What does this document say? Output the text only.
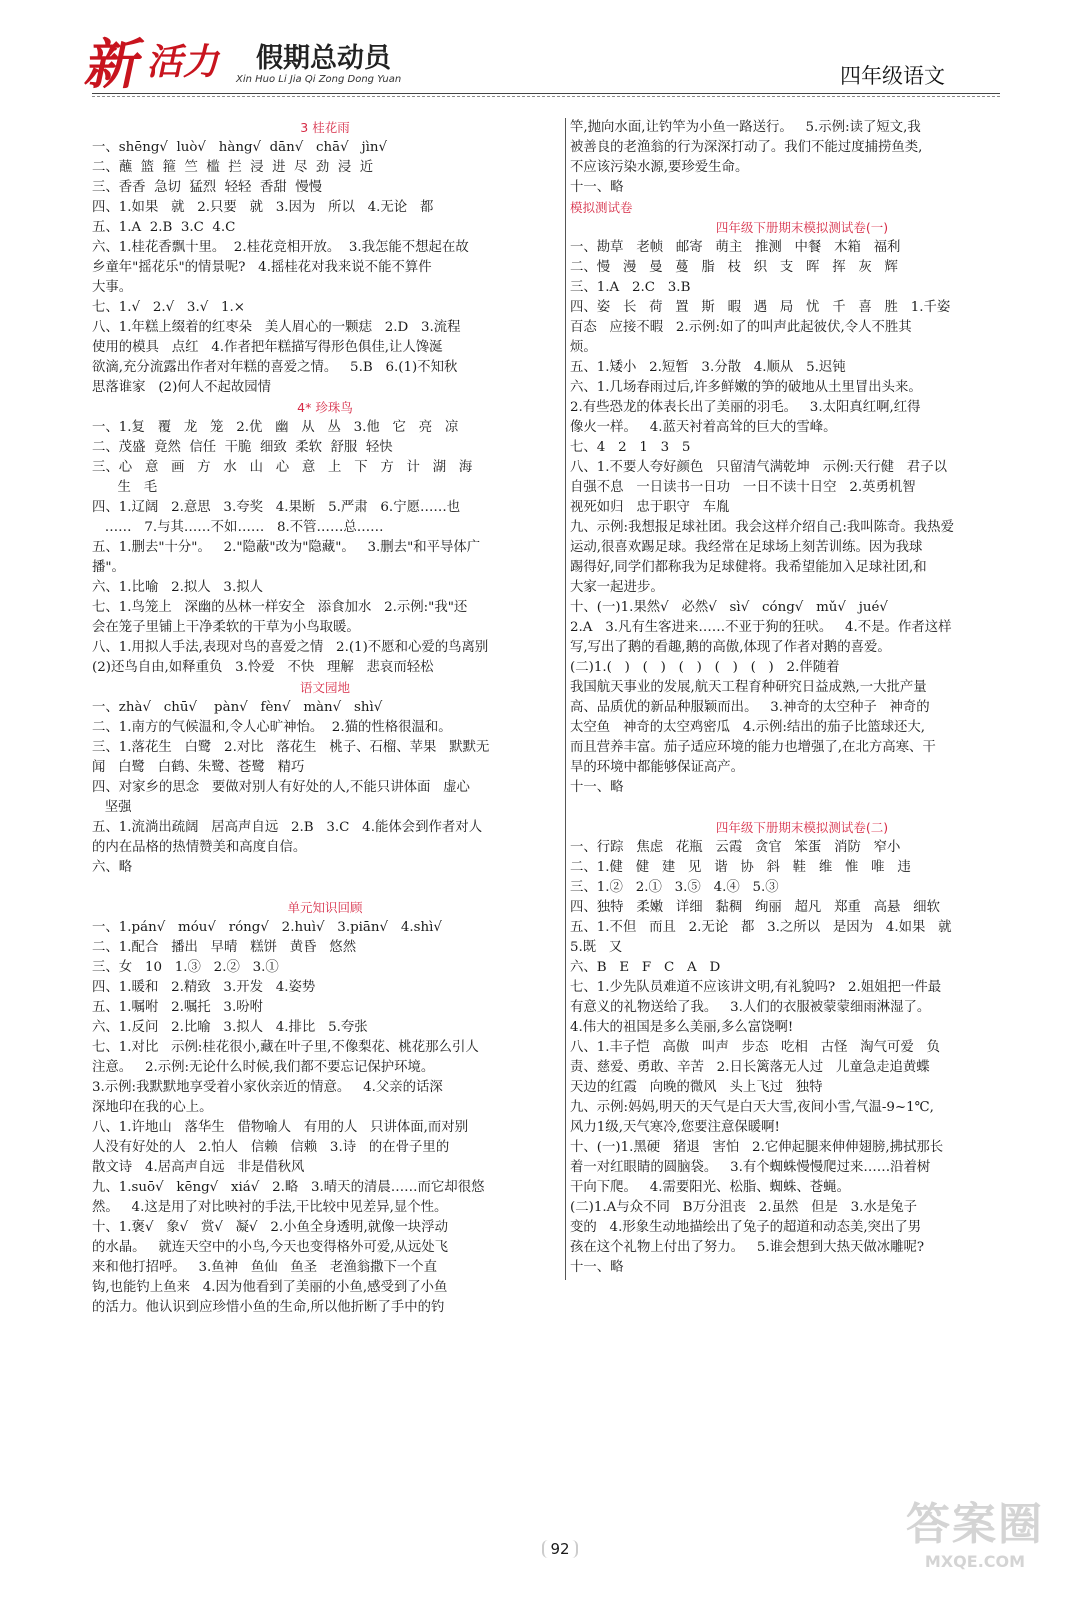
新 活力 假期总动员
Xin Huo Li Jia Qi Zong Dong Yuan	四年级语文
3 桂花雨
一、shēng√  luò√   hàng√  dān√   chā√   jìn√
二、蘸  篮  箍  竺  槛  拦  浸  进  尽  劲  浸  近
三、香香  急切  猛烈  轻轻  香甜  慢慢
四、1.如果   就   2.只要   就   3.因为   所以   4.无论   都
五、1.A  2.B  3.C  4.C
六、1.桂花香飘十里。  2.桂花竞相开放。  3.我怎能不想起在故
乡童年"摇花乐"的情景呢?   4.摇桂花对我来说不能不算件
大事。
七、1.√   2.√   3.√   1.×
八、1.年糕上缀着的红枣朵   美人眉心的一颗痣   2.D   3.流程
使用的模具   点红   4.作者把年糕描写得形色俱佳,让人馋涎
欲滴,充分流露出作者对年糕的喜爱之情。   5.B   6.(1)不知秋
思落谁家   (2)何人不起故园情
4* 珍珠鸟
一、1.复   覆   龙   笼   2.优   幽   从   丛   3.他   它   亮   凉
二、茂盛  竟然  信任  干脆  细致  柔软  舒服  轻快
三、心   意   画   方   水   山   心   意   上   下   方   计   湖   海
生   毛
四、1.辽阔   2.意思   3.夸奖   4.果断   5.严肃   6.宁愿……也
……   7.与其……不如……   8.不管……总……
五、1.删去"十分"。   2."隐蔽"改为"隐藏"。   3.删去"和平导体广
播"。
六、1.比喻   2.拟人   3.拟人
七、1.鸟笼上   深幽的丛林一样安全   添食加水   2.示例:"我"还
会在笼子里铺上干净柔软的干草为小鸟取暖。
八、1.用拟人手法,表现对鸟的喜爱之情   2.(1)不愿和心爱的鸟离别
(2)还鸟自由,如释重负   3.怜爱   不快   理解   悲哀而轻松
语文园地
一、zhà√   chū√    pàn√   fèn√   màn√   shì√
二、1.南方的气候温和,令人心旷神怡。  2.猫的性格很温和。
三、1.落花生   白鹭   2.对比   落花生   桃子、石榴、苹果   默默无
闻   白鹭   白鹤、朱鹭、苍鹭   精巧
四、对家乡的思念   要做对别人有好处的人,不能只讲体面   虚心
坚强
五、1.流淌出疏阔   居高声自远   2.B   3.C   4.能体会到作者对人
的内在品格的热情赞美和高度自信。
六、略
单元知识回顾
一、1.pán√   móu√   róng√   2.huì√   3.piān√   4.shì√
二、1.配合   播出   早晴   糕饼   黄昏   悠然
三、女   10   1.③   2.②   3.①
四、1.暖和   2.精致   3.开发   4.姿势
五、1.嘱咐   2.嘱托   3.吩咐
六、1.反问   2.比喻   3.拟人   4.排比   5.夸张
七、1.对比   示例:桂花很小,藏在叶子里,不像梨花、桃花那么引人
注意。   2.示例:无论什么时候,我们都不要忘记保护环境。
3.示例:我默默地享受着小家伙亲近的情意。   4.父亲的话深
深地印在我的心上。
八、1.许地山   落华生   借物喻人   有用的人   只讲体面,而对别
人没有好处的人   2.怕人   信赖   信赖   3.诗   的在骨子里的
散文诗   4.居高声自远   非是借秋风
九、1.suō√   kēng√   xiá√   2.略   3.晴天的清晨……而它却很悠
然。   4.这是用了对比映衬的手法,干比较中见差异,显个性。
十、1.褒√   象√   赏√   凝√   2.小鱼全身透明,就像一块浮动
的水晶。   就连天空中的小鸟,今天也变得格外可爱,从远处飞
来和他打招呼。   3.鱼神   鱼仙   鱼圣   老渔翁撒下一个直
钩,也能钓上鱼来   4.因为他看到了美丽的小鱼,感受到了小鱼
的活力。他认识到应珍惜小鱼的生命,所以他折断了手中的钓
竿,抛向水面,让钓竿为小鱼一路送行。   5.示例:读了短文,我
被善良的老渔翁的行为深深打动了。我们不能过度捕捞鱼类,
不应该污染水源,要珍爱生命。
十一、略
模拟测试卷
四年级下册期末模拟测试卷(一)
一、勘草   老帧   邮寄   萌主   推测   中餐   木箱   福利
二、慢   漫   曼   蔓   脂   枝   织   支   晖   挥   灰   辉
三、1.A   2.C   3.B
四、姿   长   荷   置   斯   暇   遇   局   忧   千   喜   胜   1.千姿
百态   应接不暇   2.示例:如了的叫声此起彼伏,令人不胜其
烦。
五、1.矮小   2.短暂   3.分散   4.顺从   5.迟钝
六、1.几场春雨过后,许多鲜嫩的笋的破地从土里冒出头来。
2.有些恐龙的体表长出了美丽的羽毛。   3.太阳真红啊,红得
像火一样。   4.蓝天衬着高耸的巨大的雪峰。
七、4   2   1   3   5
八、1.不要人夸好颜色   只留清气满乾坤   示例:天行健   君子以
自强不息   一日读书一日功   一日不读十日空   2.英勇机智
视死如归   忠于职守   车胤
九、示例:我想报足球社团。我会这样介绍自己:我叫陈奇。我热爱
运动,很喜欢踢足球。我经常在足球场上刻苦训练。因为我球
踢得好,同学们都称我为足球健将。我希望能加入足球社团,和
大家一起进步。
十、(一)1.果然√   必然√   sì√   cóng√   mǔ√   jué√
2.A   3.凡有生客进来……不亚于狗的狂吠。   4.不是。作者这样
写,写出了鹅的看趣,鹅的高傲,体现了作者对鹅的喜爱。
(二)1.(   )   (   )   (   )   (   )   (   )   2.伴随着
我国航天事业的发展,航天工程育种研究日益成熟,一大批产量
高、品质优的新品种服颖而出。   3.神奇的太空种子   神奇的
太空鱼   神奇的太空鸡密瓜   4.示例:结出的茄子比篮球还大,
而且营养丰富。茄子适应环境的能力也增强了,在北方高寒、干
旱的环境中都能够保证高产。
十一、略
四年级下册期末模拟测试卷(二)
一、行踪   焦虑   花瓶   云霞   贪官   笨蛋   消防   窄小
二、1.健   健   建   见   谐   协   斜   鞋   维   惟   唯   违
三、1.②   2.①   3.⑤   4.④   5.③
四、独特   柔嫩   详细   黏稠   绚丽   超凡   郑重   高悬   细软
五、1.不但   而且   2.无论   都   3.之所以   是因为   4.如果   就
5.既   又
六、B   E   F   C   A   D
七、1.少先队员难道不应该讲文明,有礼貌吗?   2.姐姐把一件最
有意义的礼物送给了我。   3.人们的衣服被蒙蒙细雨淋湿了。
4.伟大的祖国是多么美丽,多么富饶啊!
八、1.丰子恺   高傲   叫声   步态   吃相   古怪   淘气可爱   负
责、慈爱、勇敢、辛苦   2.日长篱落无人过   儿童急走追黄蝶
天边的红霞   向晚的微风   头上飞过   独特
九、示例:妈妈,明天的天气是白天大雪,夜间小雪,气温-9~1℃,
风力1级,天气寒冷,您要注意保暖啊!
十、(一)1.黑硬   猪退   害怕   2.它伸起腿来伸伸翅膀,拂拭那长
着一对红眼睛的圆脑袋。   3.有个蜘蛛慢慢爬过来……沿着树
干向下爬。   4.需要阳光、松脂、蜘蛛、苍蝇。
(二)1.A与众不同   B万分沮丧   2.虽然   但是   3.水是兔子
变的   4.形象生动地描绘出了兔子的超道和动态美,突出了男
孩在这个礼物上付出了努力。   5.谁会想到大热天做冰雕呢?
十一、略
92	答案圈
MXQE.COM
